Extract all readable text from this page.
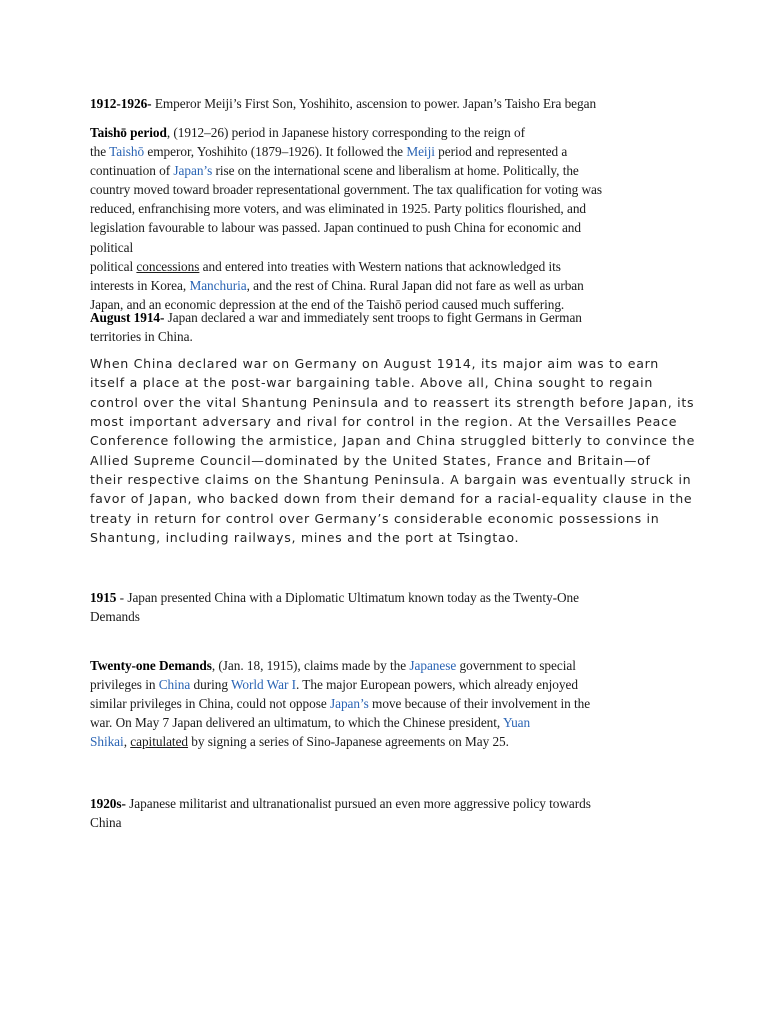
1912-1926- Emperor Meiji’s First Son, Yoshihito, ascension to power. Japan’s Taisho Era began
Taishō period, (1912–26) period in Japanese history corresponding to the reign of
the Taishō emperor, Yoshihito (1879–1926). It followed the Meiji period and represented a
continuation of Japan’s rise on the international scene and liberalism at home. Politically, the
country moved toward broader representational government. The tax qualification for voting was
reduced, enfranchising more voters, and was eliminated in 1925. Party politics flourished, and
legislation favourable to labour was passed. Japan continued to push China for economic and
political
political concessions and entered into treaties with Western nations that acknowledged its
interests in Korea, Manchuria, and the rest of China. Rural Japan did not fare as well as urban
Japan, and an economic depression at the end of the Taishō period caused much suffering.
August 1914- Japan declared a war and immediately sent troops to fight Germans in German
territories in China.
When China declared war on Germany on August 1914, its major aim was to earn
itself a place at the post-war bargaining table. Above all, China sought to regain
control over the vital Shantung Peninsula and to reassert its strength before Japan, its
most important adversary and rival for control in the region. At the Versailles Peace
Conference following the armistice, Japan and China struggled bitterly to convince the
Allied Supreme Council—dominated by the United States, France and Britain—of
their respective claims on the Shantung Peninsula. A bargain was eventually struck in
favor of Japan, who backed down from their demand for a racial-equality clause in the
treaty in return for control over Germany’s considerable economic possessions in
Shantung, including railways, mines and the port at Tsingtao.
1915 - Japan presented China with a Diplomatic Ultimatum known today as the Twenty-One
Demands
Twenty-one Demands, (Jan. 18, 1915), claims made by the Japanese government to special
privileges in China during World War I. The major European powers, which already enjoyed
similar privileges in China, could not oppose Japan’s move because of their involvement in the
war. On May 7 Japan delivered an ultimatum, to which the Chinese president, Yuan
Shikai, capitulated by signing a series of Sino-Japanese agreements on May 25.
1920s- Japanese militarist and ultranationalist pursued an even more aggressive policy towards
China
